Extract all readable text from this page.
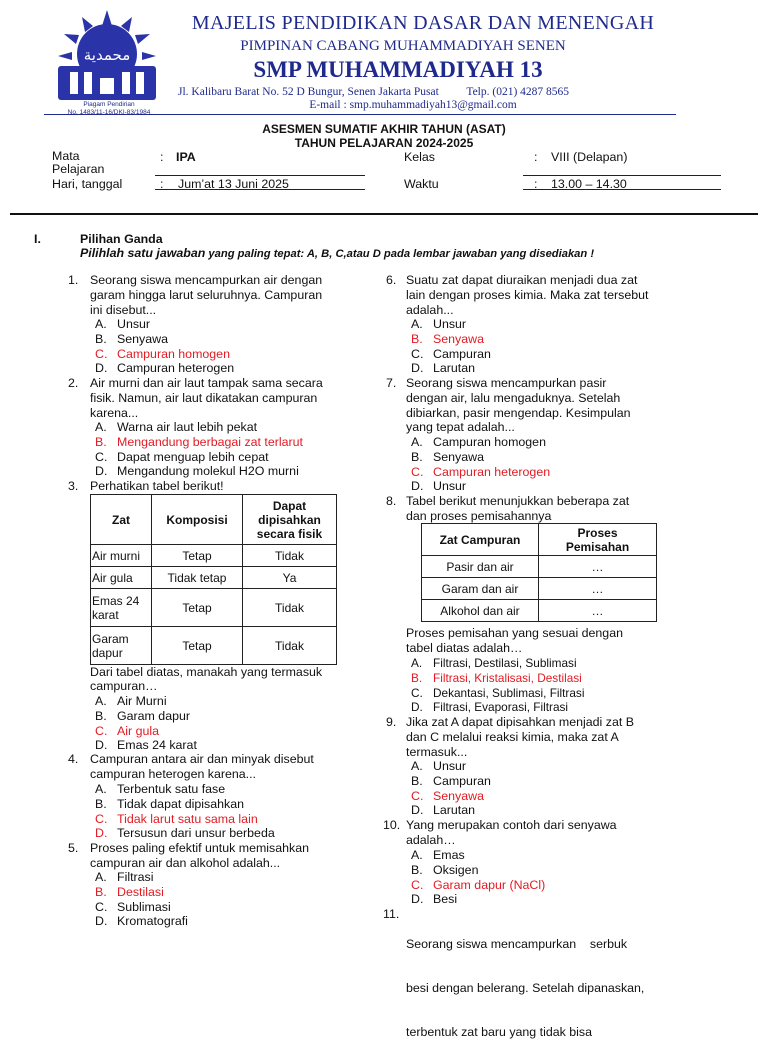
محمدية
Piagam Pendirian
No. 1483/11-16/DKI-83/1984
MAJELIS PENDIDIKAN DASAR DAN MENENGAH
PIMPINAN CABANG MUHAMMADIYAH SENEN
SMP MUHAMMADIYAH 13
Jl. Kalibaru Barat No. 52 D Bungur, Senen Jakarta Pusat Telp. (021) 4287 8565
E-mail : smp.muhammadiyah13@gmail.com
ASESMEN SUMATIF AKHIR TAHUN (ASAT)
TAHUN PELAJARAN 2024-2025
Mata
Pelajaran
: IPA	Kelas	: VIII (Delapan)
Hari, tanggal	: Jum’at 13 Juni 2025	Waktu	: 13.00 – 14.30
I.	Pilihan Ganda
Pilihlah satu jawaban yang paling tepat: A, B, C,atau D pada lembar jawaban yang disediakan !
1. Seorang siswa mencampurkan air dengan
garam hingga larut seluruhnya. Campuran
ini disebut...
A. Unsur
B. Senyawa
C. Campuran homogen
D. Campuran heterogen
2. Air murni dan air laut tampak sama secara
fisik. Namun, air laut dikatakan campuran
karena...
A. Warna air laut lebih pekat
B. Mengandung berbagai zat terlarut
C. Dapat menguap lebih cepat
D. Mengandung molekul H2O murni
3. Perhatikan tabel berikut!
Zat	Komposisi	Dapat
dipisahkan
secara fisik

Air murni	Tetap	Tidak
Air gula	Tidak tetap	Ya

Emas 24
karat	Tetap	Tidak

Garam
dapur	Tetap	Tidak
Dari tabel diatas, manakah yang termasuk
campuran…
A. Air Murni
B. Garam dapur
C. Air gula
D. Emas 24 karat
4. Campuran antara air dan minyak disebut
campuran heterogen karena...
A. Terbentuk satu fase
B. Tidak dapat dipisahkan
C. Tidak larut satu sama lain
D. Tersusun dari unsur berbeda
5. Proses paling efektif untuk memisahkan
campuran air dan alkohol adalah...
A. Filtrasi
B. Destilasi
C. Sublimasi
D. Kromatografi
6. Suatu zat dapat diuraikan menjadi dua zat
lain dengan proses kimia. Maka zat tersebut
adalah...
A. Unsur
B. Senyawa
C. Campuran
D. Larutan
7. Seorang siswa mencampurkan pasir
dengan air, lalu mengaduknya. Setelah
dibiarkan, pasir mengendap. Kesimpulan
yang tepat adalah...
A. Campuran homogen
B. Senyawa
C. Campuran heterogen
D. Unsur
8. Tabel berikut menunjukkan beberapa zat
dan proses pemisahannya
Zat Campuran	Proses
Pemisahan

Pasir dan air	…
Garam dan air	…
Alkohol dan air	…
Proses pemisahan yang sesuai dengan
tabel diatas adalah…
A. Filtrasi, Destilasi, Sublimasi
B. Filtrasi, Kristalisasi, Destilasi
C. Dekantasi, Sublimasi, Filtrasi
D. Filtrasi, Evaporasi, Filtrasi
9. Jika zat A dapat dipisahkan menjadi zat B
dan C melalui reaksi kimia, maka zat A
termasuk...
A. Unsur
B. Campuran
C. Senyawa
D. Larutan
10. Yang merupakan contoh dari senyawa
adalah…
A. Emas
B. Oksigen
C. Garam dapur (NaCl)
D. Besi
11.

Seorang siswa mencampurkan    serbuk

besi dengan belerang. Setelah dipanaskan,

terbentuk zat baru yang tidak bisa
